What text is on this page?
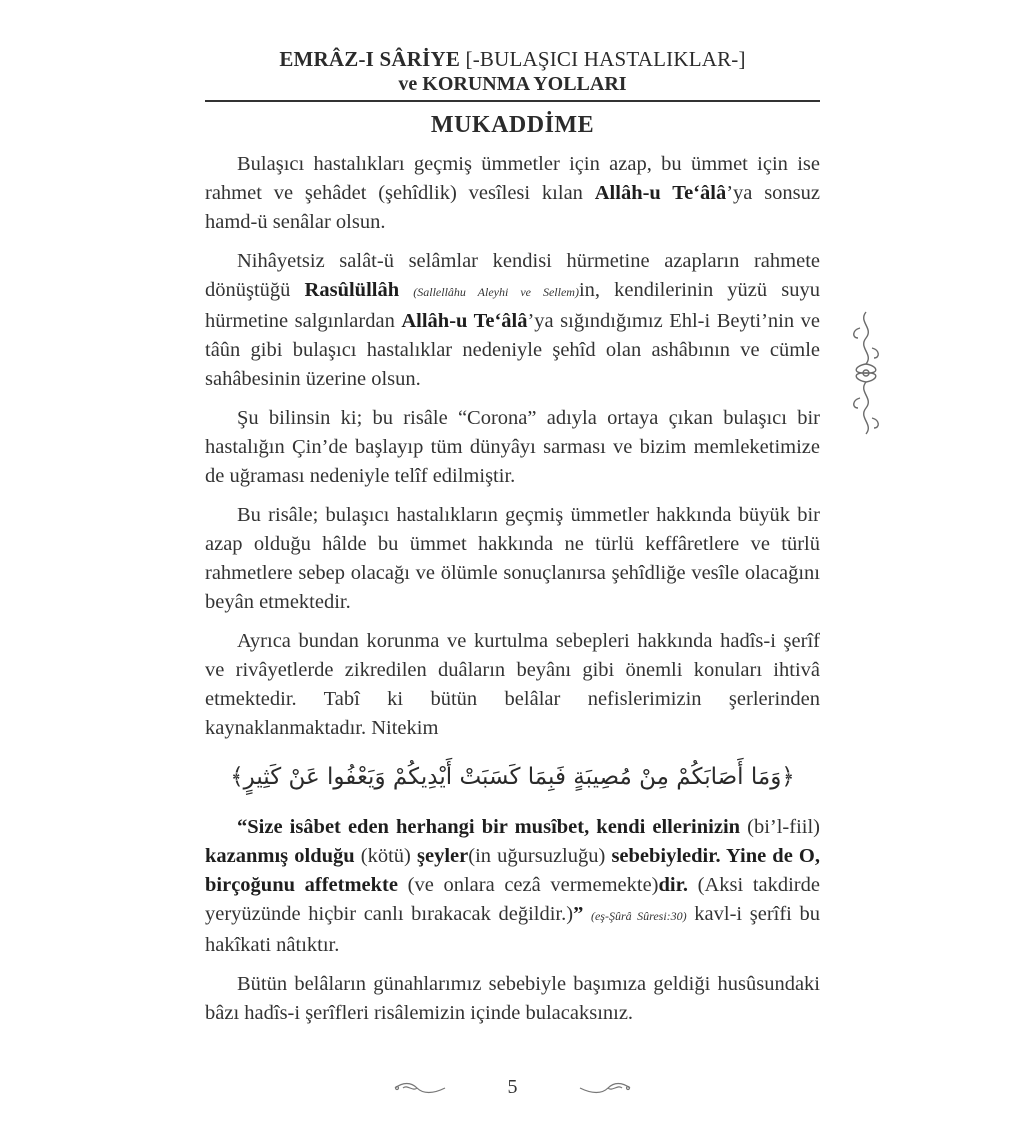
EMRÂZ-I SÂRİYE [-BULAŞICI HASTALIKLAR-]
ve KORUNMA YOLLARI
MUKADDİME

Bulaşıcı hastalıkları geçmiş ümmetler için azap, bu ümmet için ise rahmet ve şehâdet (şehîdlik) vesîlesi kılan Allâh-u Te‘âlâ’ya sonsuz hamd-ü senâlar olsun.

Nihâyetsiz salât-ü selâmlar kendisi hürmetine azapların rahmete dönüştüğü Rasûlüllâh (Sallellâhu Aleyhi ve Sellem)in, kendilerinin yüzü suyu hürmetine salgınlardan Allâh-u Te‘âlâ’ya sığındığımız Ehl-i Beyti’nin ve tâûn gibi bulaşıcı hastalıklar nedeniyle şehîd olan ashâbının ve cümle sahâbesinin üzerine olsun.

Şu bilinsin ki; bu risâle “Corona” adıyla ortaya çıkan bulaşıcı bir hastalığın Çin’de başlayıp tüm dünyâyı sarması ve bizim memleketimize de uğraması nedeniyle telîf edilmiştir.

Bu risâle; bulaşıcı hastalıkların geçmiş ümmetler hakkında büyük bir azap olduğu hâlde bu ümmet hakkında ne türlü keffâretlere ve türlü rahmetlere sebep olacağı ve ölümle sonuçlanırsa şehîdliğe vesîle olacağını beyân etmektedir.

Ayrıca bundan korunma ve kurtulma sebepleri hakkında hadîs-i şerîf ve rivâyetlerde zikredilen duâların beyânı gibi önemli konuları ihtivâ etmektedir. Tabî ki bütün belâlar nefislerimizin şerlerinden kaynaklanmaktadır. Nitekim

﴿وَمَا أَصَابَكُمْ مِنْ مُصِيبَةٍ فَبِمَا كَسَبَتْ أَيْدِيكُمْ وَيَعْفُوا عَنْ كَثِيرٍ﴾

“Size isâbet eden herhangi bir musîbet, kendi ellerinizin (bi’l-fiil) kazanmış olduğu (kötü) şeyler(in uğursuzluğu) sebebiyledir. Yine de O, birçoğunu affetmekte (ve onlara cezâ vermemekte)dir. (Aksi takdirde yeryüzünde hiçbir canlı bırakacak değildir.)” (eş-Şûrâ Sûresi:30) kavl-i şerîfi bu hakîkati nâtıktır.

Bütün belâların günahlarımız sebebiyle başımıza geldiği husûsundaki bâzı hadîs-i şerîfleri risâlemizin içinde bulacaksınız.

5
